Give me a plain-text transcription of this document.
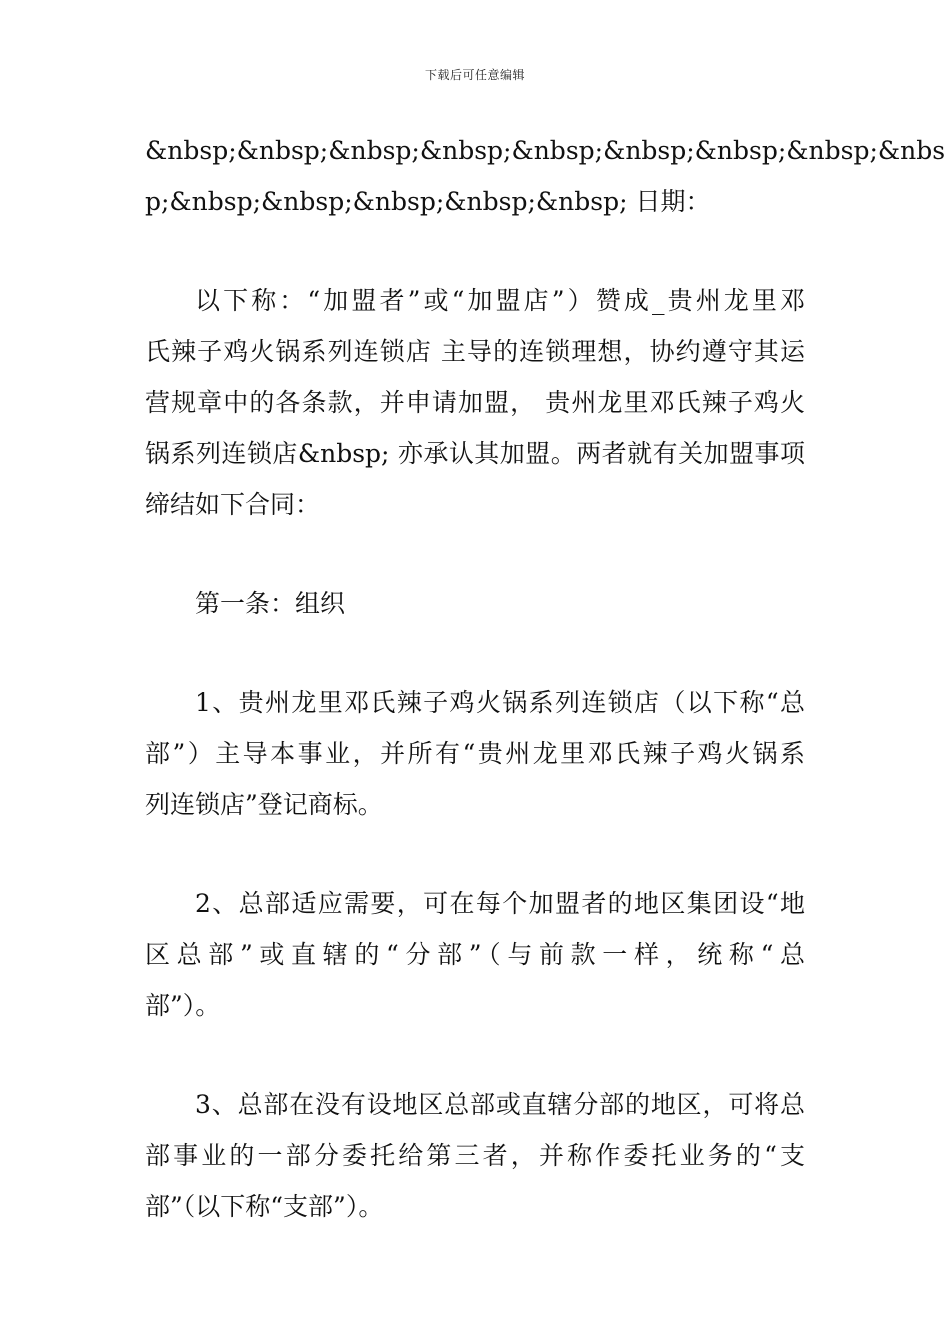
下载后可任意编辑
&nbsp;&nbsp;&nbsp;&nbsp;&nbsp;&nbsp;&nbsp;&nbsp;&nbs
p;&nbsp;&nbsp;&nbsp;&nbsp;&nbsp; 日期：
以下称：“加盟者”或“加盟店”）赞成_贵州龙里邓
氏辣子鸡火锅系列连锁店 主导的连锁理想，协约遵守其运
营规章中的各条款，并申请加盟， 贵州龙里邓氏辣子鸡火
锅系列连锁店&nbsp; 亦承认其加盟。两者就有关加盟事项
缔结如下合同：
第一条：组织
1、贵州龙里邓氏辣子鸡火锅系列连锁店（以下称“总
部”）主导本事业，并所有“贵州龙里邓氏辣子鸡火锅系
列连锁店”登记商标。
2、总部适应需要，可在每个加盟者的地区集团设“地
区总部”或直辖的“分部”（与前款一样，统称“总
部”）。
3、总部在没有设地区总部或直辖分部的地区，可将总
部事业的一部分委托给第三者，并称作委托业务的“支
部”（以下称“支部”）。
